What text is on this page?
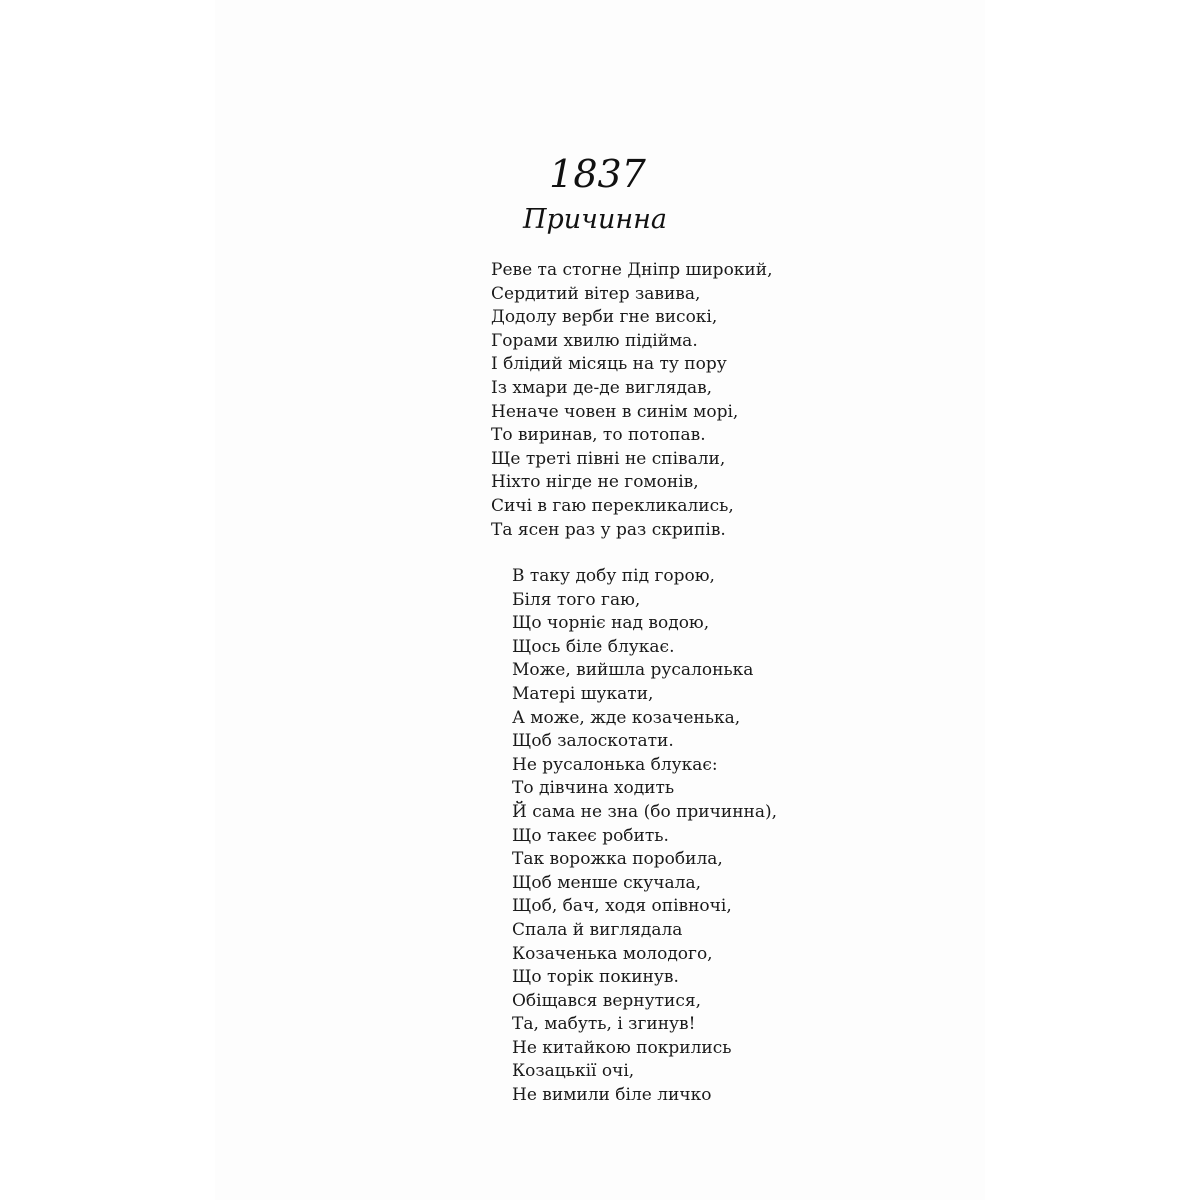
1837
Причинна
Реве та стогне Дніпр широкий,
Сердитий вітер завива,
Додолу верби гне високі,
Горами хвилю підійма.
І блідий місяць на ту пору
Із хмари де-де виглядав,
Неначе човен в синім морі,
То виринав, то потопав.
Ще треті півні не співали,
Ніхто нігде не гомонів,
Сичі в гаю перекликались,
Та ясен раз у раз скрипів.
В таку добу під горою,
Біля того гаю,
Що чорніє над водою,
Щось біле блукає.
Може, вийшла русалонька
Матері шукати,
А може, жде козаченька,
Щоб залоскотати.
Не русалонька блукає:
То дівчина ходить
Й сама не зна (бо причинна),
Що такеє робить.
Так ворожка поробила,
Щоб менше скучала,
Щоб, бач, ходя опівночі,
Спала й виглядала
Козаченька молодого,
Що торік покинув.
Обіщався вернутися,
Та, мабуть, і згинув!
Не китайкою покрились
Козацькії очі,
Не вимили біле личко
